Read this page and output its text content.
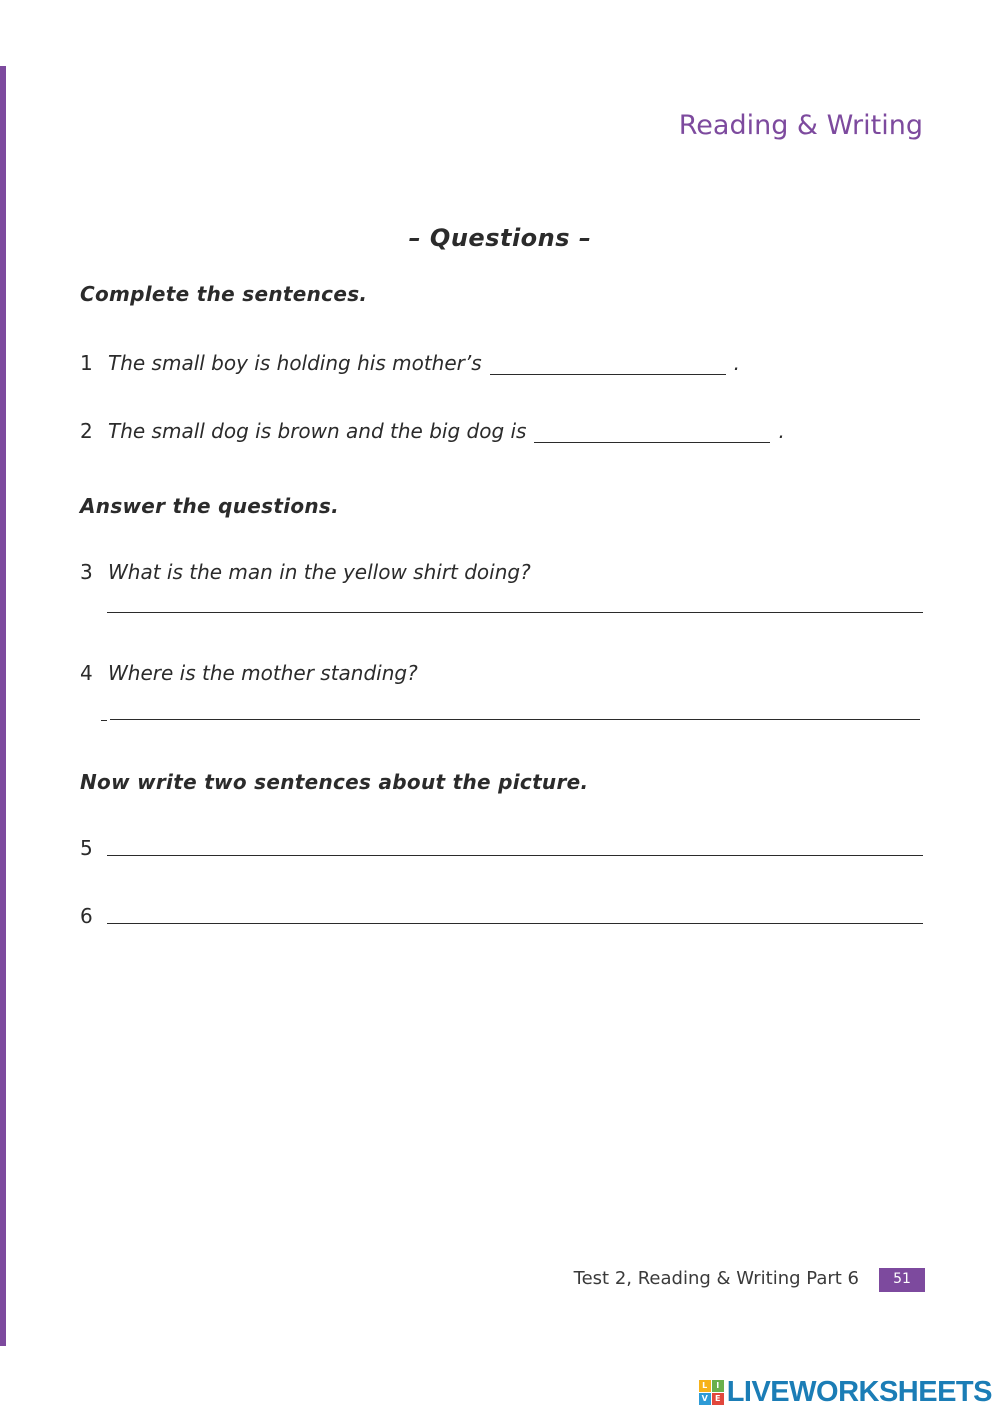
Reading & Writing
– Questions –
Complete the sentences.
1 The small boy is holding his mother’s	.
2 The small dog is brown and the big dog is	.
Answer the questions.
3 What is the man in the yellow shirt doing?
4 Where is the mother standing?
Now write two sentences about the picture.
5
6
Test 2, Reading & Writing Part 6	51
L	I
V E LIVEWORKSHEETS
